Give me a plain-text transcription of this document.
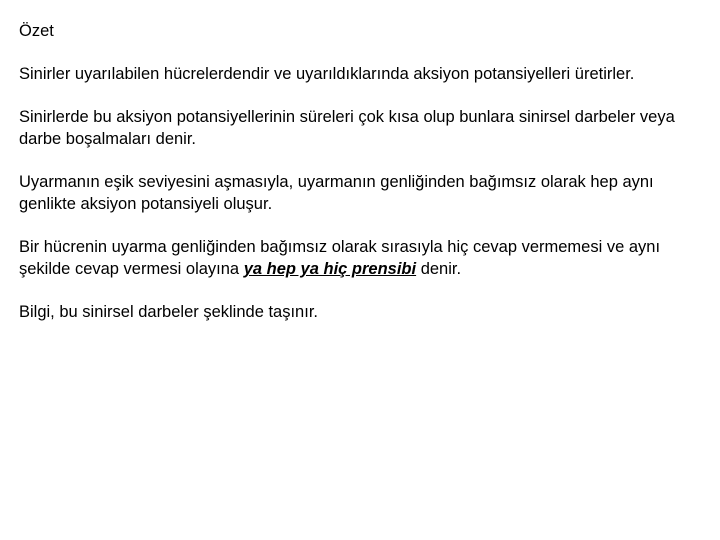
Özet

Sinirler uyarılabilen hücrelerdendir ve uyarıldıklarında aksiyon potansiyelleri üretirler.

Sinirlerde bu aksiyon potansiyellerinin süreleri çok kısa olup bunlara sinirsel darbeler veya darbe boşalmaları denir.

Uyarmanın eşik seviyesini aşmasıyla, uyarmanın genliğinden bağımsız olarak hep aynı genlikte aksiyon potansiyeli oluşur.

Bir hücrenin uyarma genliğinden bağımsız olarak sırasıyla hiç cevap vermemesi ve aynı şekilde cevap vermesi olayına ya hep ya hiç prensibi denir.

Bilgi, bu sinirsel darbeler şeklinde taşınır.
